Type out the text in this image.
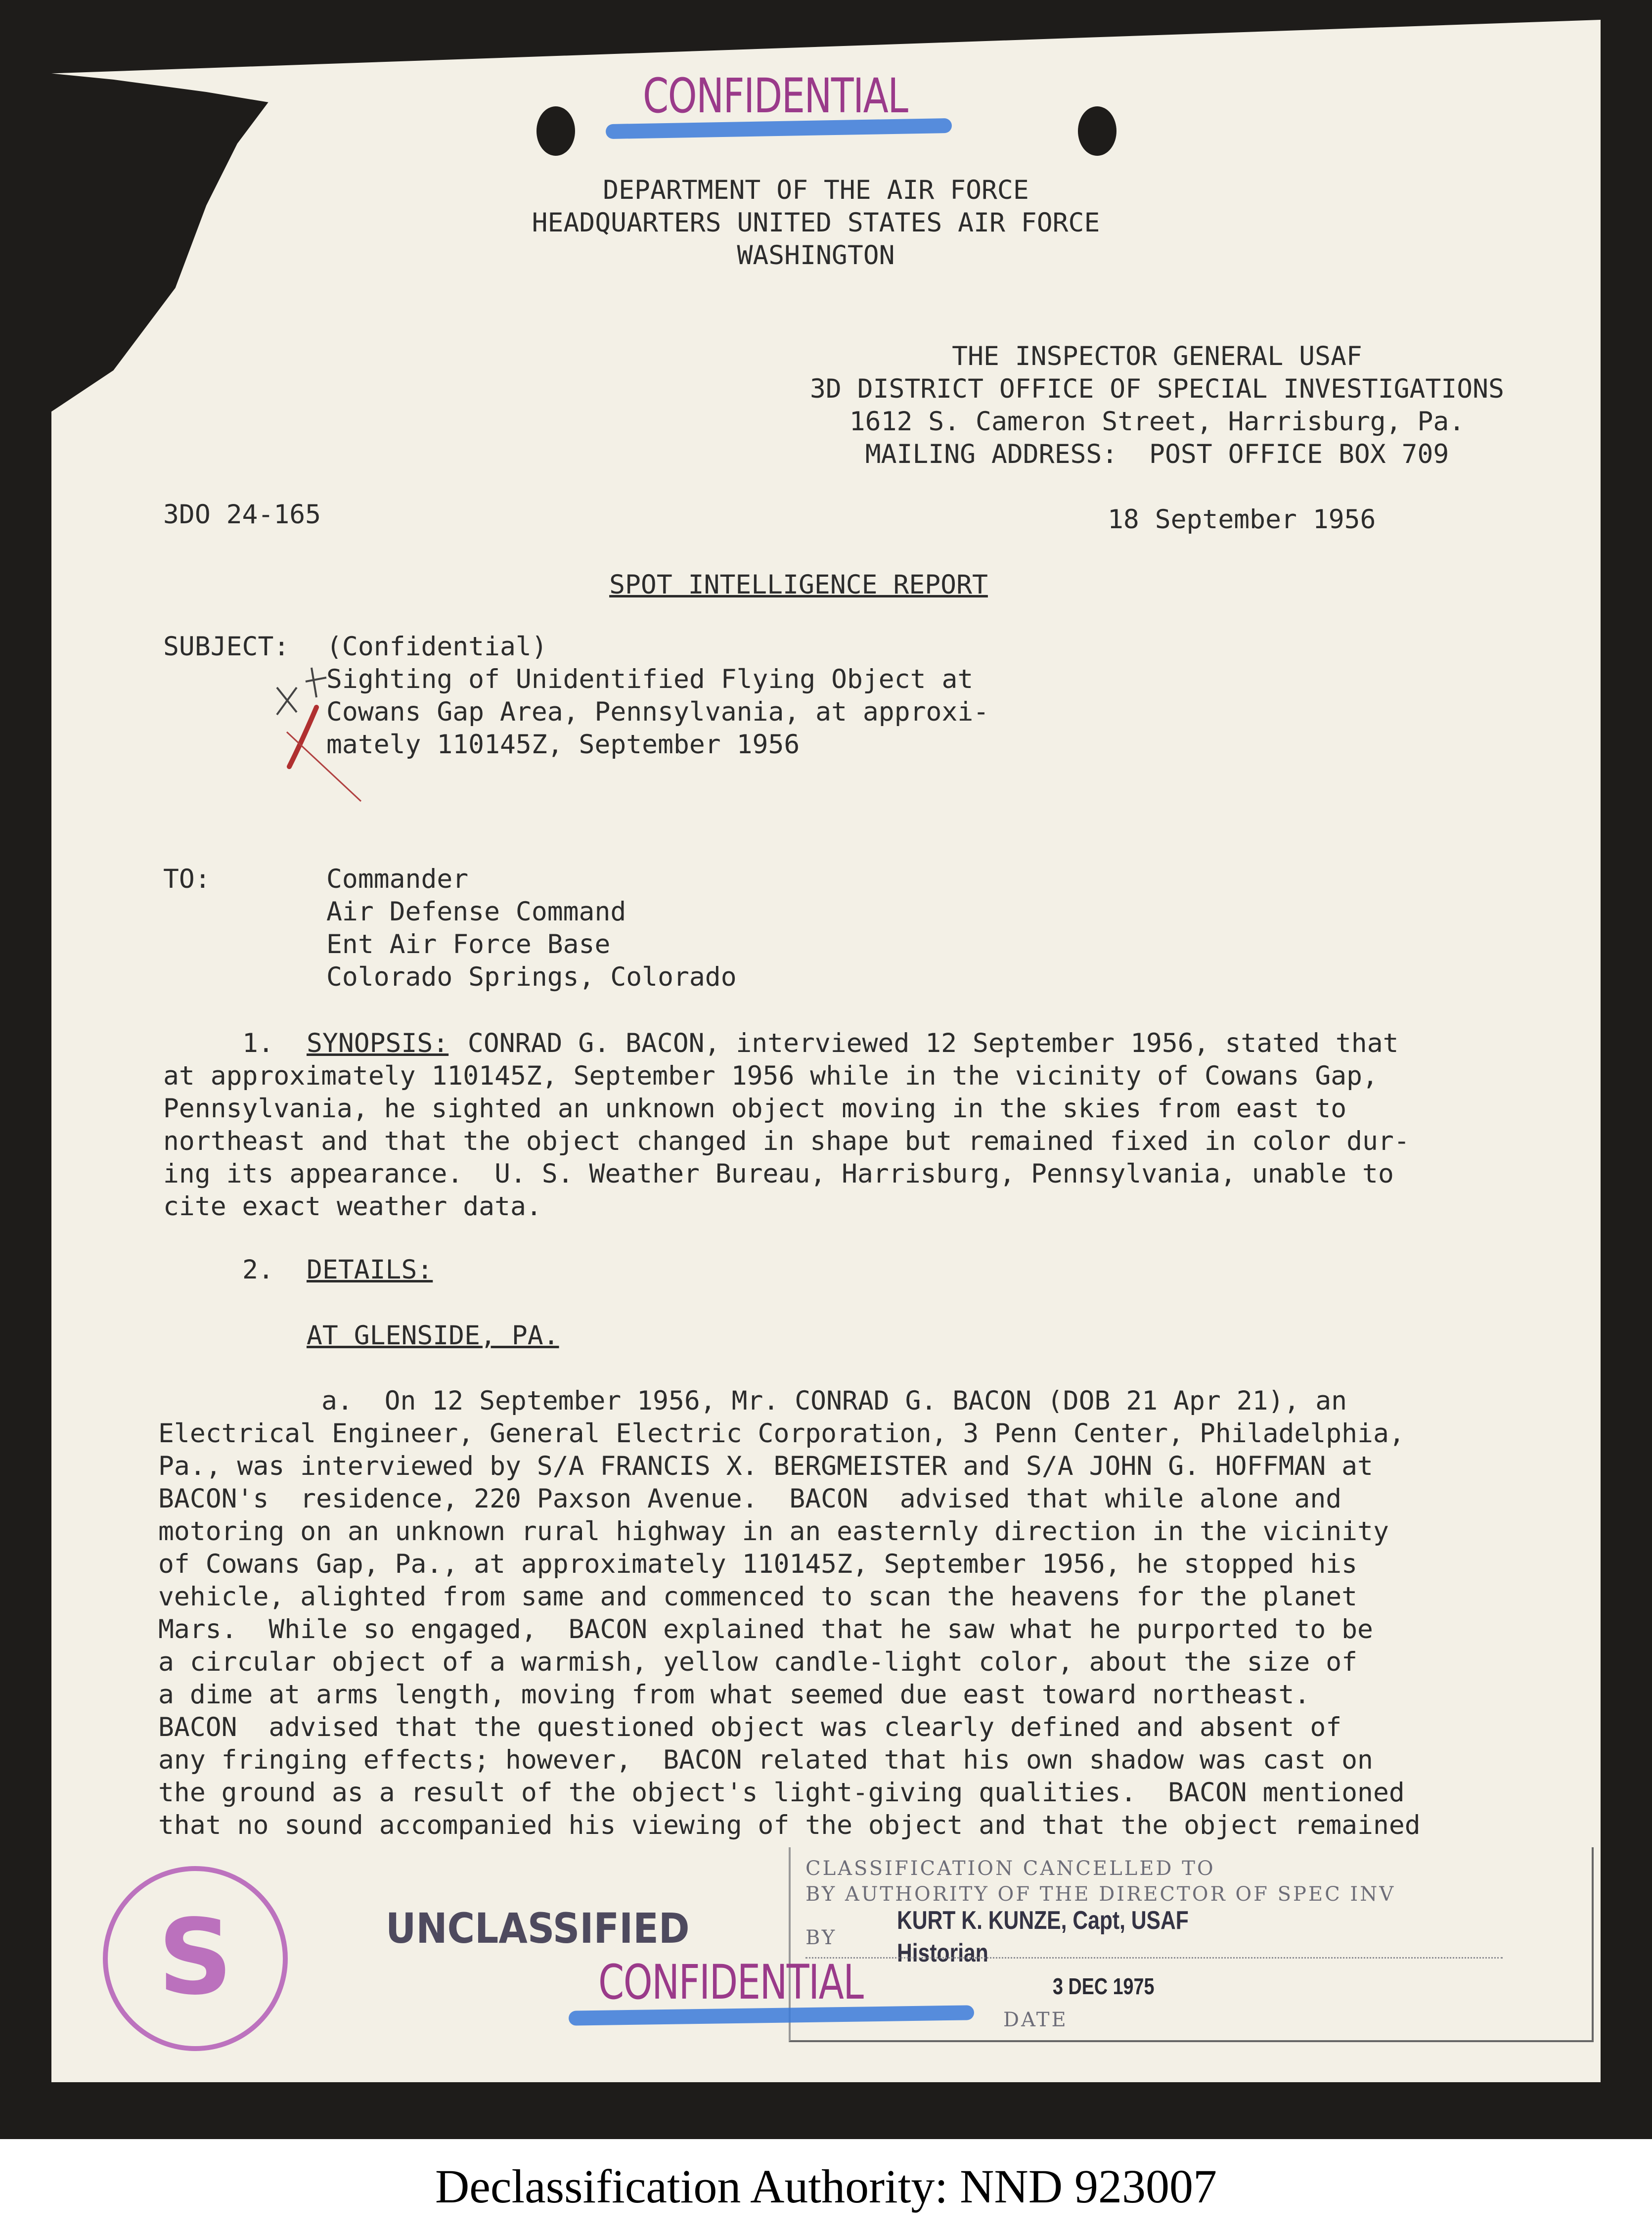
CONFIDENTIAL
DEPARTMENT OF THE AIR FORCE
HEADQUARTERS UNITED STATES AIR FORCE
WASHINGTON
THE INSPECTOR GENERAL USAF
3D DISTRICT OFFICE OF SPECIAL INVESTIGATIONS
1612 S. Cameron Street, Harrisburg, Pa.
MAILING ADDRESS:  POST OFFICE BOX 709
3DO 24-165	18 September 1956
SPOT INTELLIGENCE REPORT
SUBJECT: (Confidential)
Sighting of Unidentified Flying Object at
Cowans Gap Area, Pennsylvania, at approxi-
mately 110145Z, September 1956
TO:	Commander
Air Defense Command
Ent Air Force Base
Colorado Springs, Colorado
1. SYNOPSIS: CONRAD G. BACON, interviewed 12 September 1956, stated that
at approximately 110145Z, September 1956 while in the vicinity of Cowans Gap,
Pennsylvania, he sighted an unknown object moving in the skies from east to
northeast and that the object changed in shape but remained fixed in color dur-
ing its appearance.  U. S. Weather Bureau, Harrisburg, Pennsylvania, unable to
cite exact weather data.
2. DETAILS:
AT GLENSIDE, PA.
a.  On 12 September 1956, Mr. CONRAD G. BACON (DOB 21 Apr 21), an
Electrical Engineer, General Electric Corporation, 3 Penn Center, Philadelphia,
Pa., was interviewed by S/A FRANCIS X. BERGMEISTER and S/A JOHN G. HOFFMAN at
BACON's  residence, 220 Paxson Avenue.  BACON  advised that while alone and
motoring on an unknown rural highway in an easternly direction in the vicinity
of Cowans Gap, Pa., at approximately 110145Z, September 1956, he stopped his
vehicle, alighted from same and commenced to scan the heavens for the planet
Mars.  While so engaged,  BACON explained that he saw what he purported to be
a circular object of a warmish, yellow candle-light color, about the size of
a dime at arms length, moving from what seemed due east toward northeast.
BACON  advised that the questioned object was clearly defined and absent of
any fringing effects; however,  BACON related that his own shadow was cast on
the ground as a result of the object's light-giving qualities.  BACON mentioned
that no sound accompanied his viewing of the object and that the object remained
S	UNCLASSIFIED
CLASSIFICATION CANCELLED TO
BY AUTHORITY OF THE DIRECTOR OF SPEC INV
BY
KURT K. KUNZE, Capt, USAF
Historian
3 DEC 1975
DATE
CONFIDENTIAL
Declassification Authority: NND 923007
